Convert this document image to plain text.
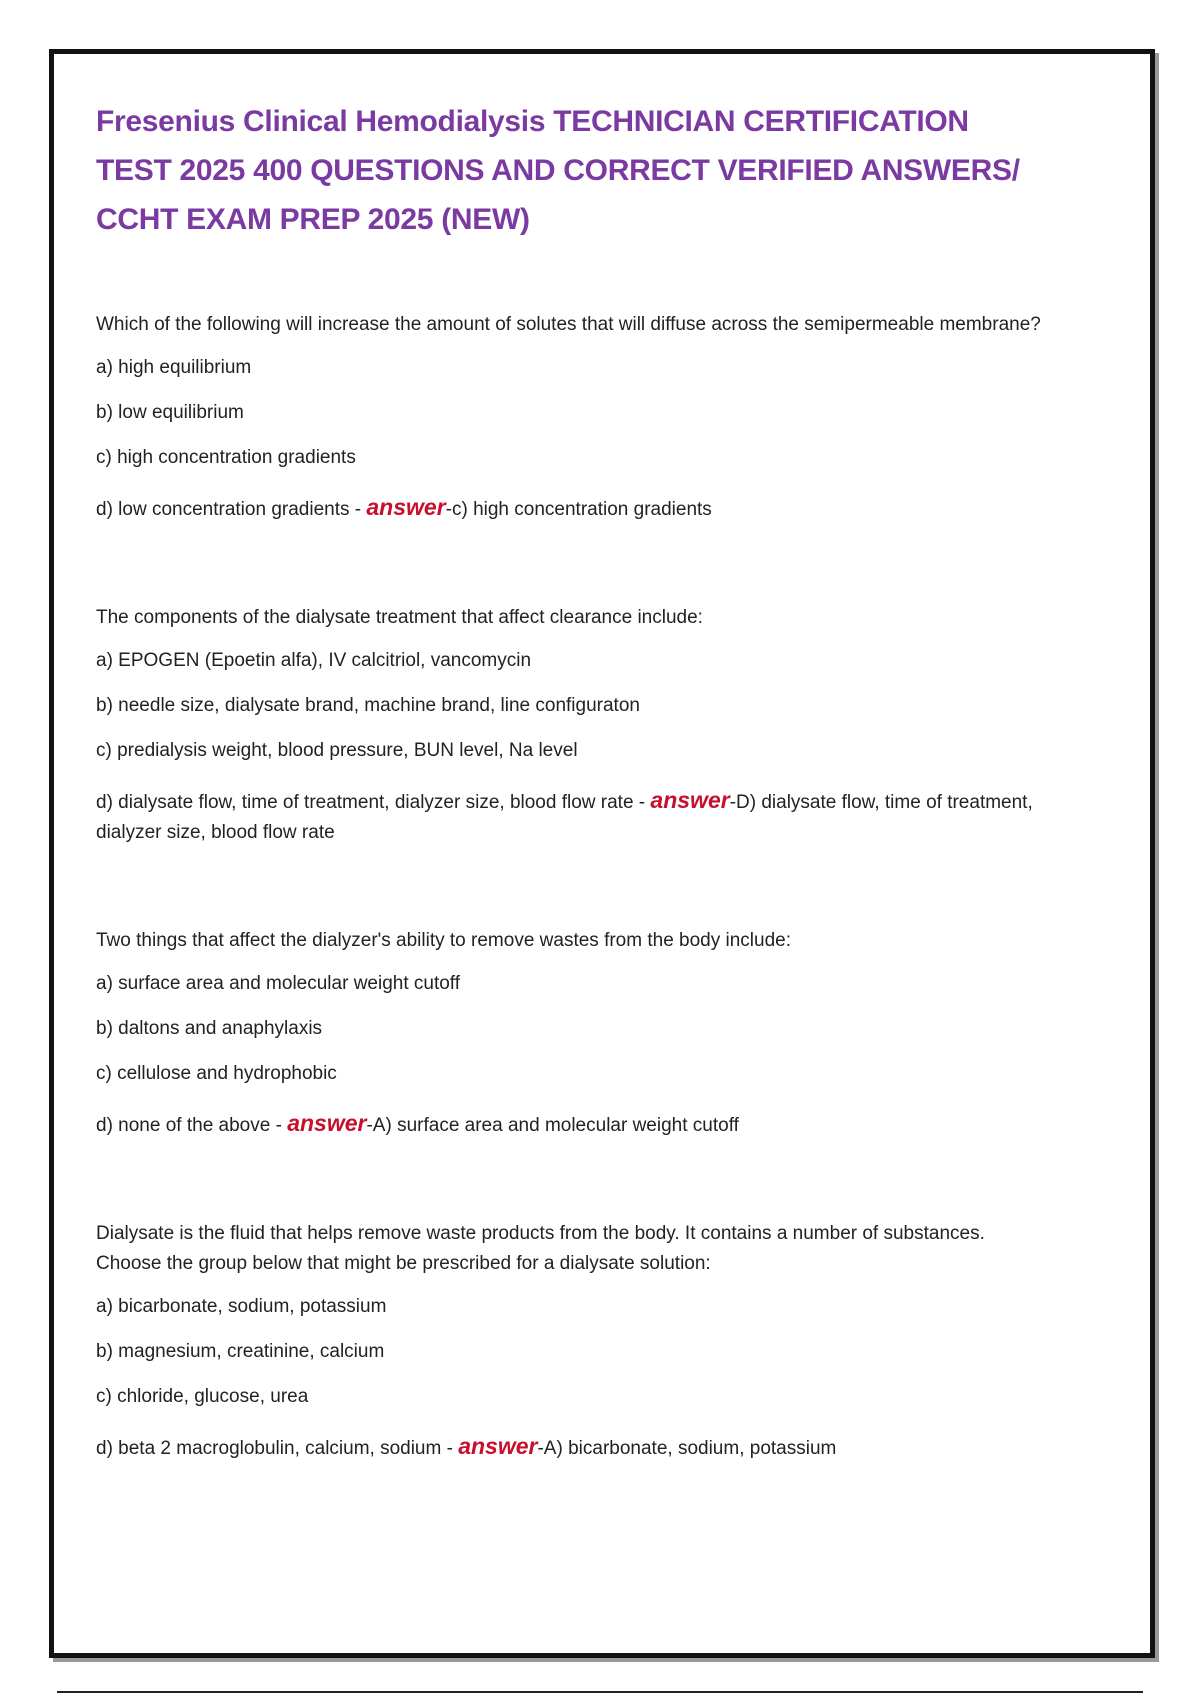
Fresenius Clinical Hemodialysis TECHNICIAN CERTIFICATION TEST 2025 400 QUESTIONS AND CORRECT VERIFIED ANSWERS/ CCHT EXAM PREP 2025 (NEW)

Which of the following will increase the amount of solutes that will diffuse across the semipermeable membrane?

a) high equilibrium

b) low equilibrium

c) high concentration gradients

d) low concentration gradients - answer-c) high concentration gradients

The components of the dialysate treatment that affect clearance include:

a) EPOGEN (Epoetin alfa), IV calcitriol, vancomycin

b) needle size, dialysate brand, machine brand, line configuraton

c) predialysis weight, blood pressure, BUN level, Na level

d) dialysate flow, time of treatment, dialyzer size, blood flow rate - answer-D) dialysate flow, time of treatment, dialyzer size, blood flow rate

Two things that affect the dialyzer's ability to remove wastes from the body include:

a) surface area and molecular weight cutoff

b) daltons and anaphylaxis

c) cellulose and hydrophobic

d) none of the above - answer-A) surface area and molecular weight cutoff

Dialysate is the fluid that helps remove waste products from the body. It contains a number of substances. Choose the group below that might be prescribed for a dialysate solution:

a) bicarbonate, sodium, potassium

b) magnesium, creatinine, calcium

c) chloride, glucose, urea

d) beta 2 macroglobulin, calcium, sodium - answer-A) bicarbonate, sodium, potassium
